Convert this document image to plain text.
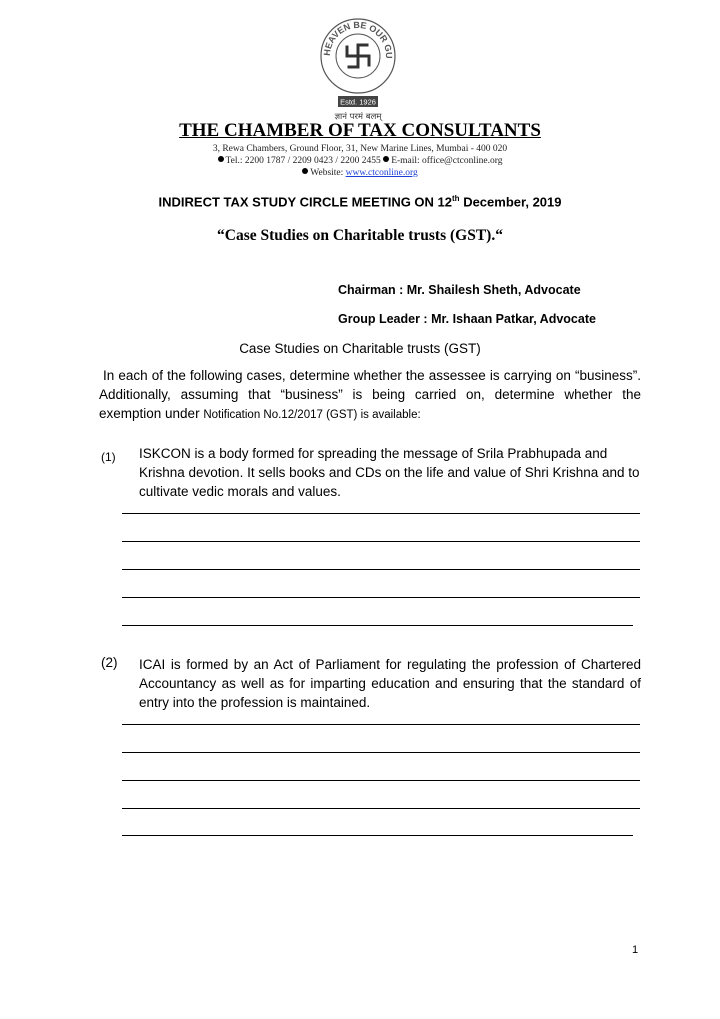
HEAVEN BE OUR GU
Estd. 1926
ज्ञानं परमं बलम्
THE CHAMBER OF TAX CONSULTANTS
3, Rewa Chambers, Ground Floor, 31, New Marine Lines, Mumbai - 400 020
Tel.: 2200 1787 / 2209 0423 / 2200 2455 E-mail: office@ctconline.org
Website: www.ctconline.org
INDIRECT TAX STUDY CIRCLE MEETING ON 12th December, 2019
“Case Studies on Charitable trusts (GST).“
Chairman : Mr. Shailesh Sheth, Advocate
Group Leader : Mr. Ishaan Patkar, Advocate
Case Studies on Charitable trusts (GST)
In each of the following cases, determine whether the assessee is carrying on “business”. Additionally, assuming that “business” is being carried on, determine whether the exemption under Notification No.12/2017 (GST) is available:
(1) ISKCON is a body formed for spreading the message of Srila Prabhupada and Krishna devotion. It sells books and CDs on the life and value of Shri Krishna and to cultivate vedic morals and values.
(2) ICAI is formed by an Act of Parliament for regulating the profession of Chartered Accountancy as well as for imparting education and ensuring that the standard of entry into the profession is maintained.
1
